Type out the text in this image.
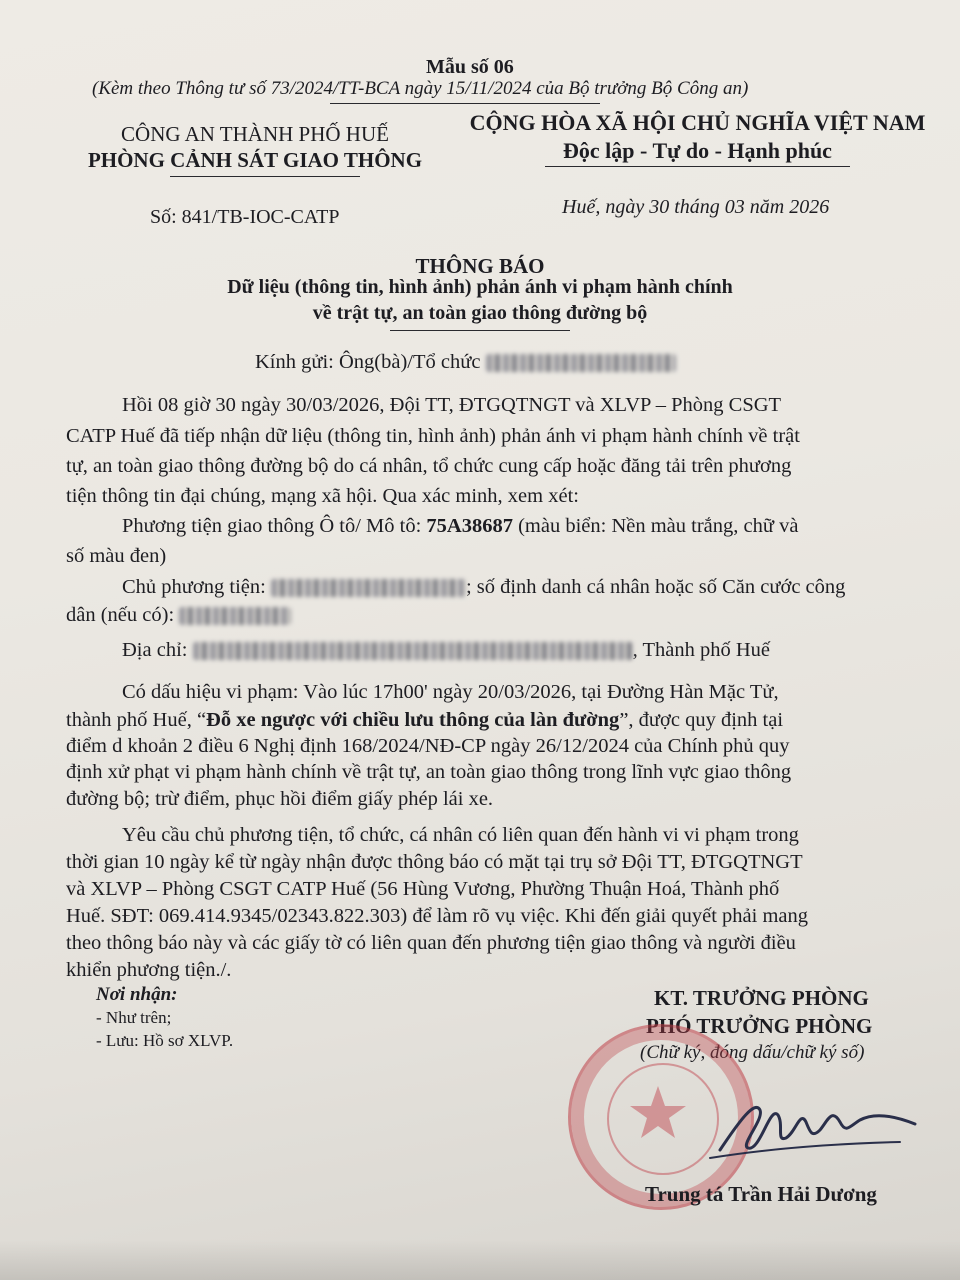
Mẫu số 06
(Kèm theo Thông tư số 73/2024/TT-BCA ngày 15/11/2024 của Bộ trưởng Bộ Công an)
CÔNG AN THÀNH PHỐ HUẾ
PHÒNG CẢNH SÁT GIAO THÔNG
CỘNG HÒA XÃ HỘI CHỦ NGHĨA VIỆT NAM
Độc lập - Tự do - Hạnh phúc
Số: 841/TB-IOC-CATP	Huế, ngày 30 tháng 03 năm 2026
THÔNG BÁO
Dữ liệu (thông tin, hình ảnh) phản ánh vi phạm hành chính
về trật tự, an toàn giao thông đường bộ
Kính gửi: Ông(bà)/Tổ chức
Hồi 08 giờ 30 ngày 30/03/2026, Đội TT, ĐTGQTNGT và XLVP – Phòng CSGT
CATP Huế đã tiếp nhận dữ liệu (thông tin, hình ảnh) phản ánh vi phạm hành chính về trật
tự, an toàn giao thông đường bộ do cá nhân, tổ chức cung cấp hoặc đăng tải trên phương
tiện thông tin đại chúng, mạng xã hội. Qua xác minh, xem xét:
Phương tiện giao thông Ô tô/ Mô tô: 75A38687 (màu biển: Nền màu trắng, chữ và
số màu đen)
Chủ phương tiện:	; số định danh cá nhân hoặc số Căn cước công
dân (nếu có):
Địa chỉ:	, Thành phố Huế
Có dấu hiệu vi phạm: Vào lúc 17h00' ngày 20/03/2026, tại Đường Hàn Mặc Tử,
thành phố Huế, “Đỗ xe ngược với chiều lưu thông của làn đường”, được quy định tại
điểm d khoản 2 điều 6 Nghị định 168/2024/NĐ-CP ngày 26/12/2024 của Chính phủ quy
định xử phạt vi phạm hành chính về trật tự, an toàn giao thông trong lĩnh vực giao thông
đường bộ; trừ điểm, phục hồi điểm giấy phép lái xe.
Yêu cầu chủ phương tiện, tổ chức, cá nhân có liên quan đến hành vi vi phạm trong
thời gian 10 ngày kể từ ngày nhận được thông báo có mặt tại trụ sở Đội TT, ĐTGQTNGT
và XLVP – Phòng CSGT CATP Huế (56 Hùng Vương, Phường Thuận Hoá, Thành phố
Huế. SĐT: 069.414.9345/02343.822.303) để làm rõ vụ việc. Khi đến giải quyết phải mang
theo thông báo này và các giấy tờ có liên quan đến phương tiện giao thông và người điều
khiển phương tiện./.
Nơi nhận:
- Như trên;
- Lưu: Hồ sơ XLVP.
KT. TRƯỞNG PHÒNG
PHÓ TRƯỞNG PHÒNG
(Chữ ký, đóng dấu/chữ ký số)
Trung tá Trần Hải Dương
